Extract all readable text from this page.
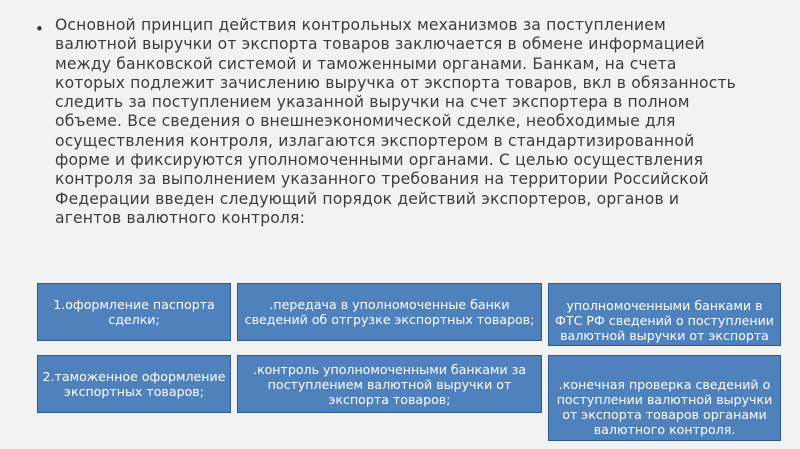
• Основной принцип действия контрольных механизмов за поступлением валютной выручки от экспорта товаров заключается в обмене информацией между банковской системой и таможенными органами. Банкам, на счета которых подлежит зачислению выручка от экспорта товаров, вкл в обязанность следить за поступлением указанной выручки на счет экспортера в полном объеме. Все сведения о внешнеэкономической сделке, необходимые для осуществления контроля, излагаются экспортером в стандартизированной форме и фиксируются уполномоченными органами. С целью осуществления контроля за выполнением указанного требования на территории Российской Федерации введен следующий порядок действий экспортеров, органов и агентов валютного контроля:

1.оформление паспорта сделки;
.передача в уполномоченные банки сведений об отгрузке экспортных товаров;
уполномоченными банками в ФТС РФ сведений о поступлении валютной выручки от экспорта
2.таможенное оформление экспортных товаров;
.контроль уполномоченными банками за поступлением валютной выручки от экспорта товаров;
.конечная проверка сведений о поступлении валютной выручки от экспорта товаров органами валютного контроля.
